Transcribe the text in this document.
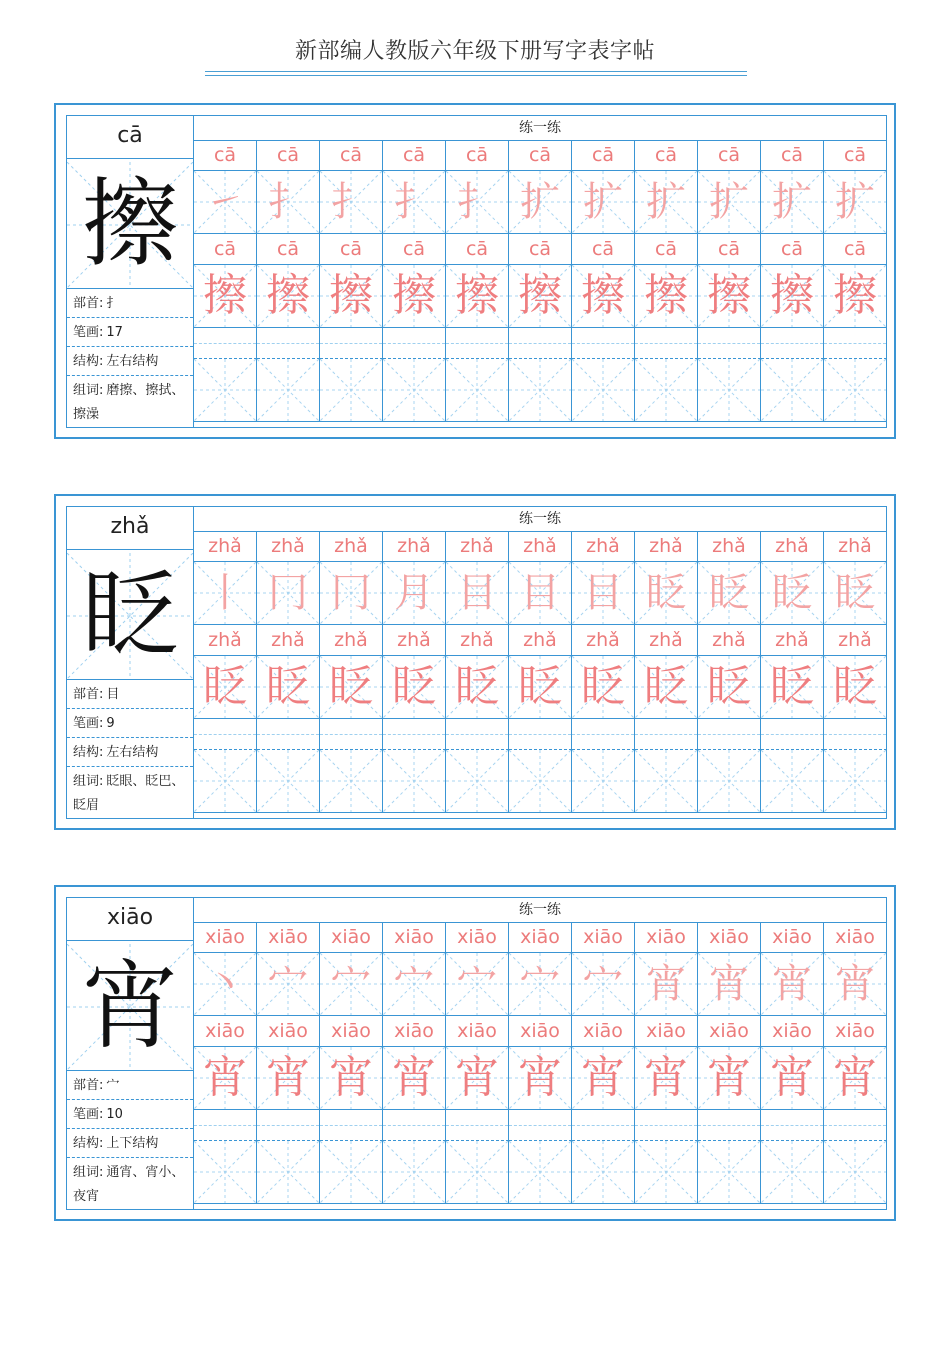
新部编人教版六年级下册写字表字帖
cā
擦
部首: 扌
笔画: 17
结构: 左右结构
组词: 磨擦、擦拭、擦澡
练一练
cā	cā	cā	cā	cā	cā	cā	cā	cā	cā	cā
㇀ 扌 扌 扌 扌 扩 扩 扩 扩 扩 扩
cā	cā	cā	cā	cā	cā	cā	cā	cā	cā	cā
擦 擦 擦 擦 擦 擦 擦 擦 擦 擦 擦
zhǎ
眨
部首: 目
笔画: 9
结构: 左右结构
组词: 眨眼、眨巴、眨眉
练一练
zhǎ	zhǎ	zhǎ	zhǎ	zhǎ	zhǎ	zhǎ	zhǎ	zhǎ	zhǎ	zhǎ
丨 冂 冂 月 目 目 目 眨 眨 眨 眨
zhǎ	zhǎ	zhǎ	zhǎ	zhǎ	zhǎ	zhǎ	zhǎ	zhǎ	zhǎ	zhǎ
眨 眨 眨 眨 眨 眨 眨 眨 眨 眨 眨
xiāo
宵
部首: 宀
笔画: 10
结构: 上下结构
组词: 通宵、宵小、夜宵
练一练
xiāo	xiāo	xiāo	xiāo	xiāo	xiāo	xiāo	xiāo	xiāo	xiāo	xiāo
丶 宀 宀 宀 宀 宀 宀 宵 宵 宵 宵
xiāo	xiāo	xiāo	xiāo	xiāo	xiāo	xiāo	xiāo	xiāo	xiāo	xiāo
宵 宵 宵 宵 宵 宵 宵 宵 宵 宵 宵
